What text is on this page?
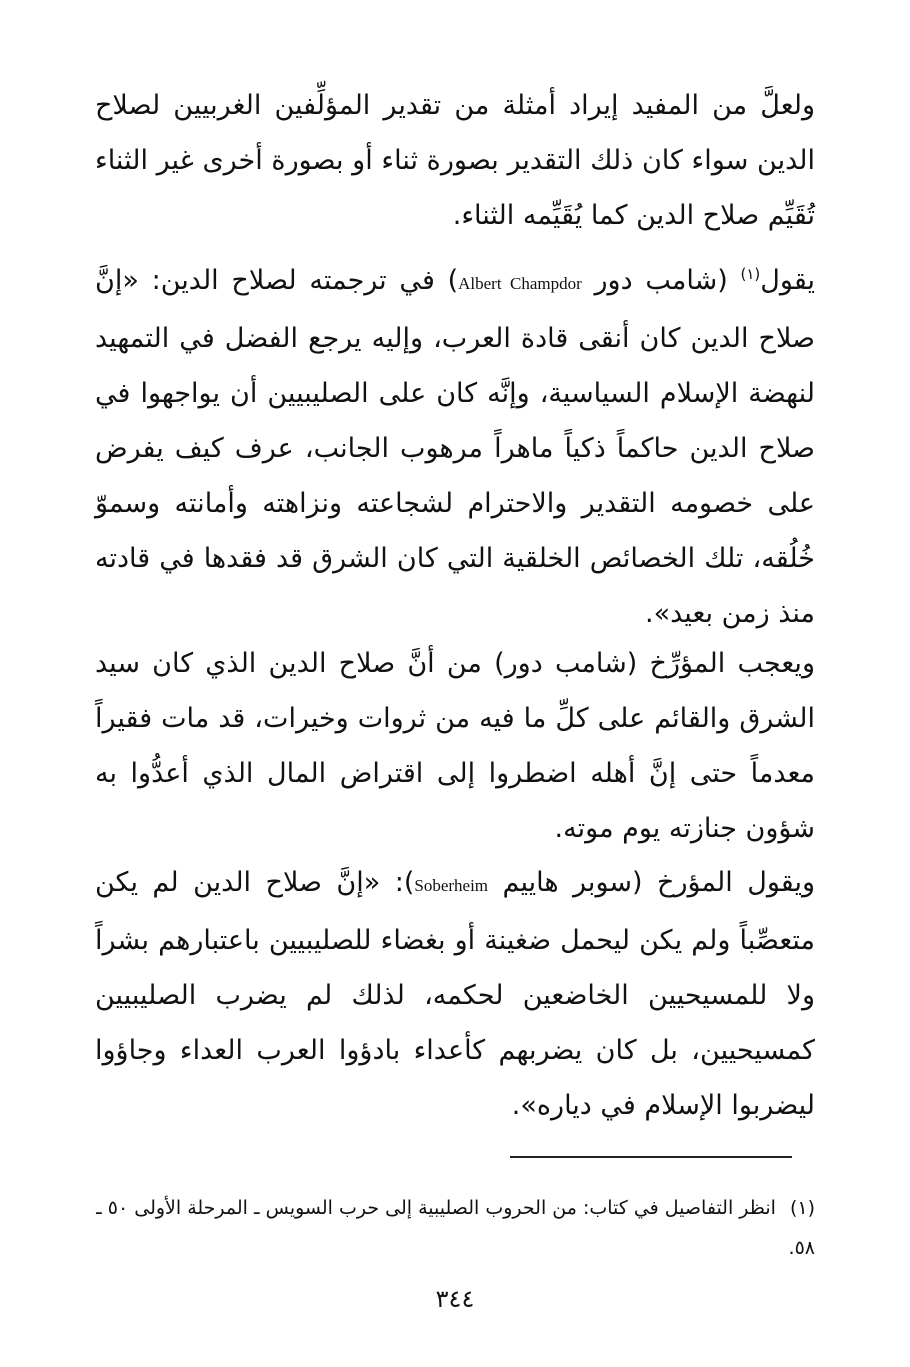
ولعلَّ من المفيد إيراد أمثلة من تقدير المؤلِّفين الغربيين لصلاح الدين سواء كان ذلك التقدير بصورة ثناء أو بصورة أخرى غير الثناء تُقَيِّم صلاح الدين كما يُقَيِّمه الثناء.

يقول$^{(١)}$ (شامب دور Albert Champdor) في ترجمته لصلاح الدين: «إنَّ صلاح الدين كان أنقى قادة العرب، وإليه يرجع الفضل في التمهيد لنهضة الإسلام السياسية، وإنَّه كان على الصليبيين أن يواجهوا في صلاح الدين حاكماً ذكياً ماهراً مرهوب الجانب، عرف كيف يفرض على خصومه التقدير والاحترام لشجاعته ونزاهته وأمانته وسموّ خُلُقه، تلك الخصائص الخلقية التي كان الشرق قد فقدها في قادته منذ زمن بعيد».

ويعجب المؤرِّخ (شامب دور) من أنَّ صلاح الدين الذي كان سيد الشرق والقائم على كلِّ ما فيه من ثروات وخيرات، قد مات فقيراً معدماً حتى إنَّ أهله اضطروا إلى اقتراض المال الذي أعدُّوا به شؤون جنازته يوم موته.

ويقول المؤرخ (سوبر هاييم Soberheim): «إنَّ صلاح الدين لم يكن متعصِّباً ولم يكن ليحمل ضغينة أو بغضاء للصليبيين باعتبارهم بشراً ولا للمسيحيين الخاضعين لحكمه، لذلك لم يضرب الصليبيين كمسيحيين، بل كان يضربهم كأعداء بادؤوا العرب العداء وجاؤوا ليضربوا الإسلام في دياره».

(١)انظر التفاصيل في كتاب: من الحروب الصليبية إلى حرب السويس ـ المرحلة الأولى ٥٠ ـ ٥٨.
٣٤٤
